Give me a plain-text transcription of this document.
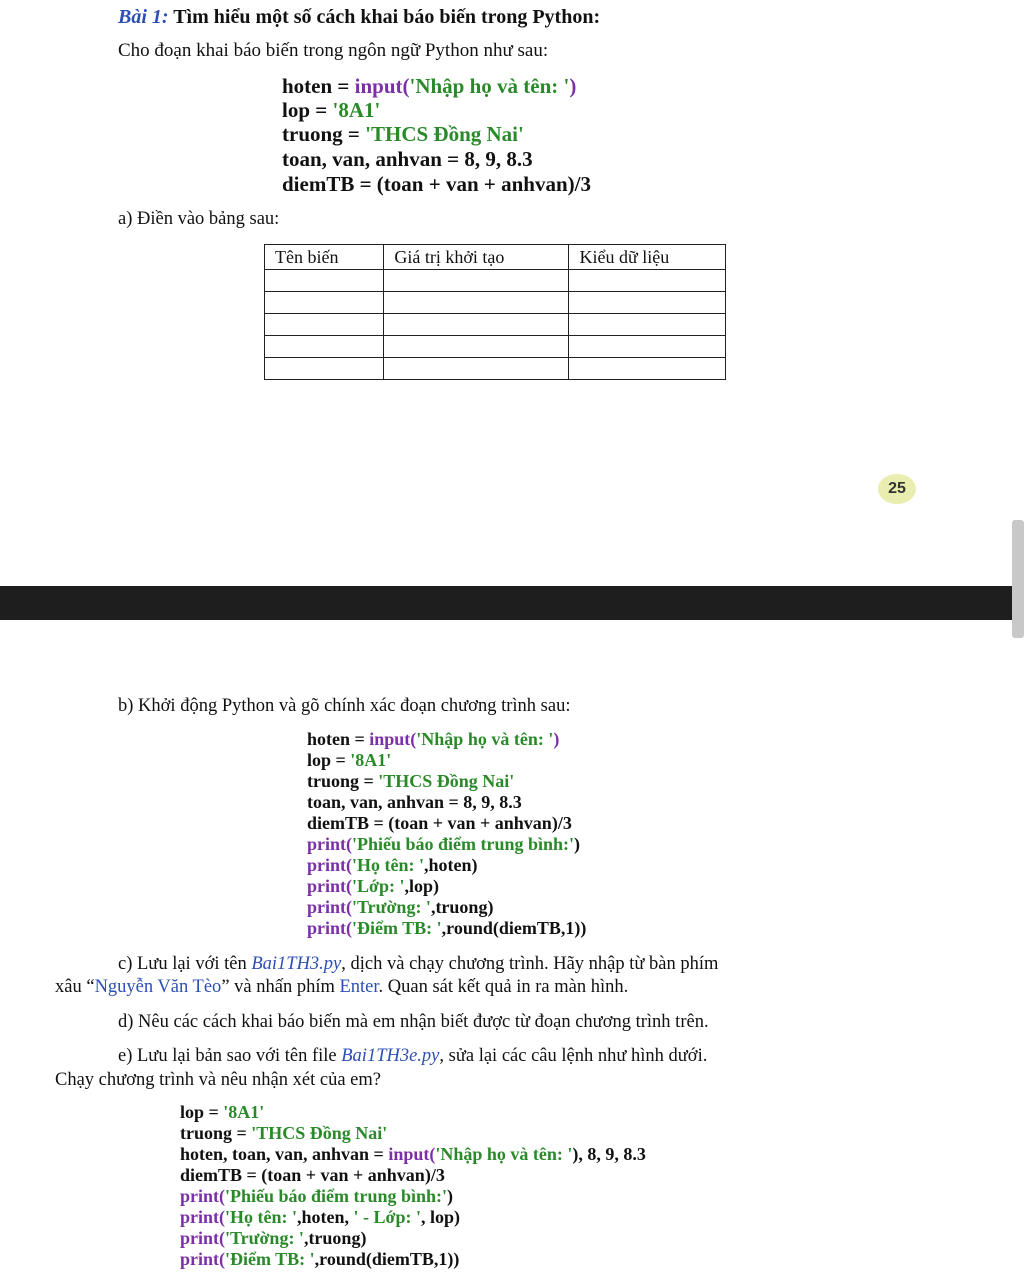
Bài 1: Tìm hiểu một số cách khai báo biến trong Python:
Cho đoạn khai báo biến trong ngôn ngữ Python như sau:
hoten = input('Nhập họ và tên: ')
lop = '8A1'
truong = 'THCS Đồng Nai'
toan, van, anhvan = 8, 9, 8.3
diemTB = (toan + van + anhvan)/3
a) Điền vào bảng sau:
Tên biến	Giá trị khởi tạo	Kiểu dữ liệu

25
b) Khởi động Python và gõ chính xác đoạn chương trình sau:
hoten = input('Nhập họ và tên: ')
lop = '8A1'
truong = 'THCS Đồng Nai'
toan, van, anhvan = 8, 9, 8.3
diemTB = (toan + van + anhvan)/3
print('Phiếu báo điểm trung bình:')
print('Họ tên: ',hoten)
print('Lớp: ',lop)
print('Trường: ',truong)
print('Điểm TB: ',round(diemTB,1))
c) Lưu lại với tên Bai1TH3.py, dịch và chạy chương trình. Hãy nhập từ bàn phím
xâu “Nguyễn Văn Tèo” và nhấn phím Enter. Quan sát kết quả in ra màn hình.
d) Nêu các cách khai báo biến mà em nhận biết được từ đoạn chương trình trên.
e) Lưu lại bản sao với tên file Bai1TH3e.py, sửa lại các câu lệnh như hình dưới.
Chạy chương trình và nêu nhận xét của em?
lop = '8A1'
truong = 'THCS Đồng Nai'
hoten, toan, van, anhvan = input('Nhập họ và tên: '), 8, 9, 8.3
diemTB = (toan + van + anhvan)/3
print('Phiếu báo điểm trung bình:')
print('Họ tên: ',hoten, ' - Lớp: ', lop)
print('Trường: ',truong)
print('Điểm TB: ',round(diemTB,1))
